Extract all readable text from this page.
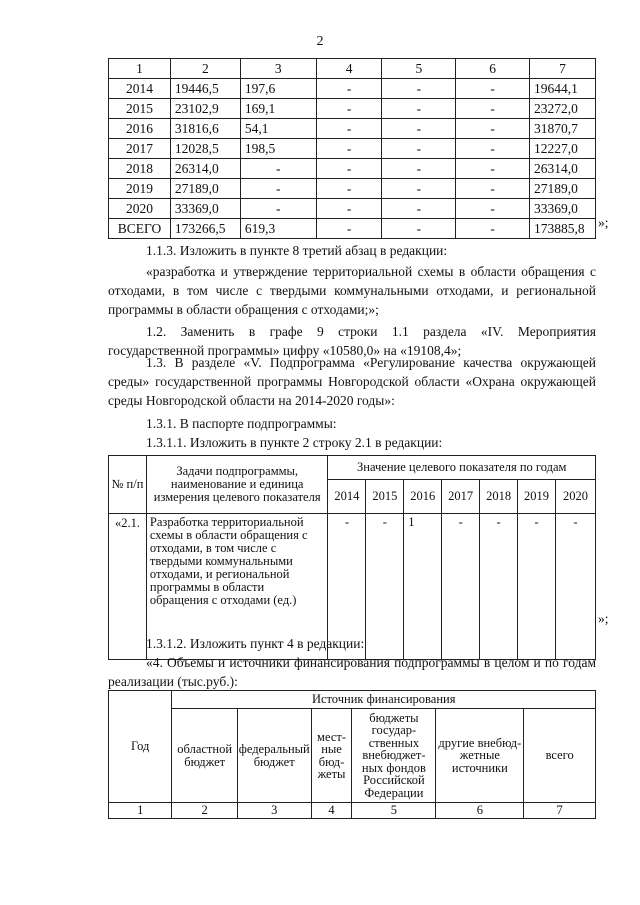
2
1	2	3	4	5	6	7
2014	19446,5	197,6	-	-	-	19644,1
2015	23102,9	169,1	-	-	-	23272,0
2016	31816,6	54,1	-	-	-	31870,7
2017	12028,5	198,5	-	-	-	12227,0
2018	26314,0	-	-	-	-	26314,0
2019	27189,0	-	-	-	-	27189,0
2020	33369,0	-	-	-	-	33369,0
ВСЕГО	173266,5	619,3	-	-	-	173885,8 »;
1.1.3. Изложить в пункте 8 третий абзац в редакции:
«разработка и утверждение территориальной схемы в области обращения с отходами, в том числе с твердыми коммунальными отходами, и региональной программы в области обращения с отходами;»;
1.2. Заменить в графе 9 строки 1.1 раздела «IV. Мероприятия государственной программы» цифру «10580,0» на «19108,4»;
1.3. В разделе «V. Подпрограмма «Регулирование качества окружающей среды» государственной программы Новгородской области «Охрана окружающей среды Новгородской области на 2014-2020 годы»:
1.3.1. В паспорте подпрограммы:
1.3.1.1. Изложить в пункте 2 строку 2.1 в редакции:
№ п/п	Задачи подпрограммы, наименование и единица измерения целевого показателя	Значение целевого показателя по годам						
		2014	2015	2016	2017	2018	2019	2020
«2.1.	Разработка территориальной схемы в области обращения с отходами, в том числе с твердыми коммунальными отходами, и региональной программы в области обращения с отходами (ед.)	-	-	1	-	-	-	-
»;
1.3.1.2. Изложить пункт 4 в редакции:
«4. Объемы и источники финансирования подпрограммы в целом и по годам реализации (тыс.руб.):
Год	Источник финансирования					
	областной бюджет	федеральный бюджет	мест-ные бюд-жеты	бюджеты государ-ственных внебюджет-ных фондов Российской Федерации	другие внебюд-жетные источники	всего
1	2	3	4	5	6	7
